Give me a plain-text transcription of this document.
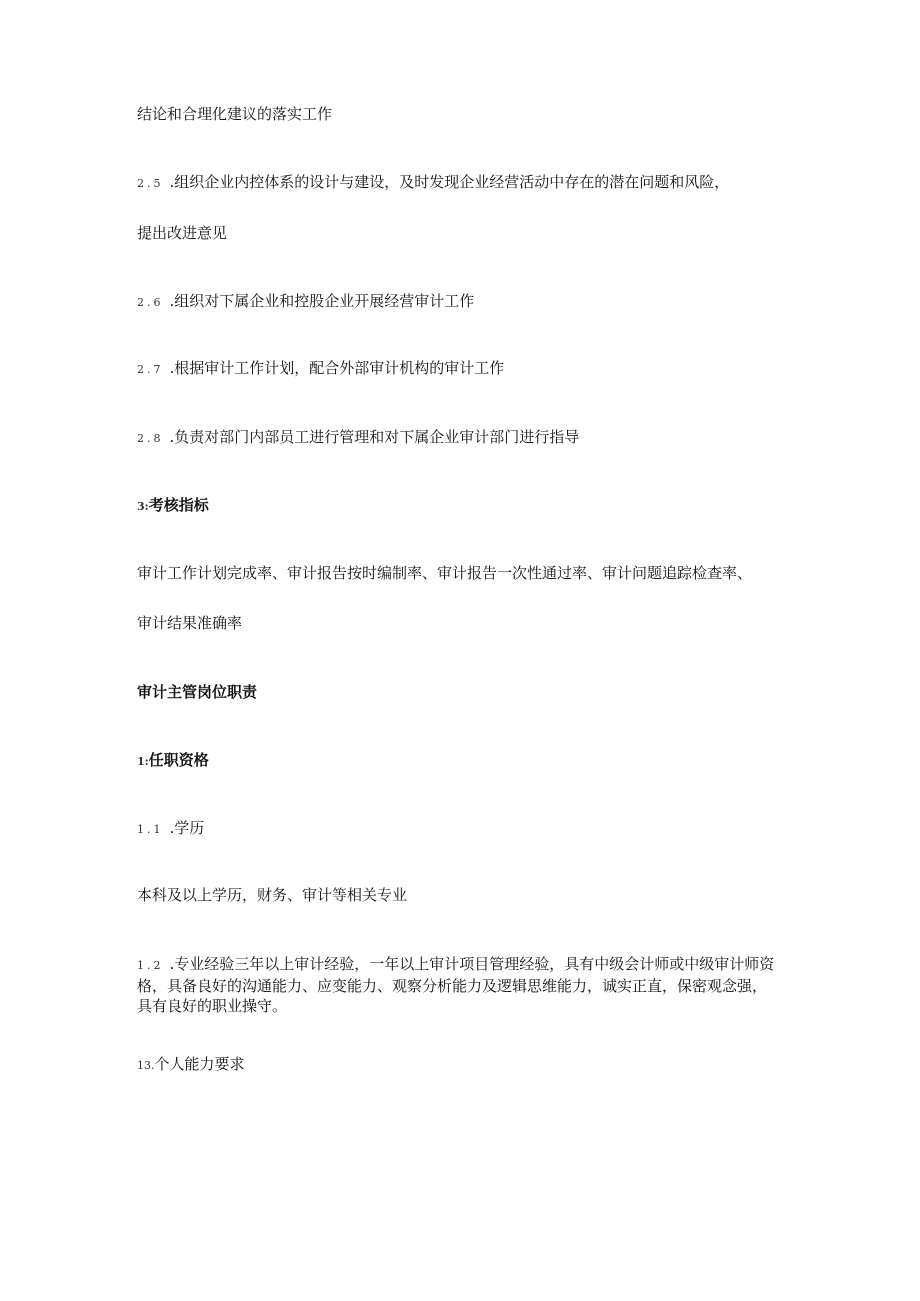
结论和合理化建议的落实工作
2.5 .组织企业内控体系的设计与建设，及时发现企业经营活动中存在的潜在问题和风险，
提出改进意见
2.6 .组织对下属企业和控股企业开展经营审计工作
2.7 .根据审计工作计划，配合外部审计机构的审计工作
2.8 .负责对部门内部员工进行管理和对下属企业审计部门进行指导
3:考核指标
审计工作计划完成率、审计报告按时编制率、审计报告一次性通过率、审计问题追踪检查率、
审计结果准确率
审计主管岗位职责
1:任职资格
1.1 .学历
本科及以上学历，财务、审计等相关专业
1.2 .专业经验三年以上审计经验，一年以上审计项目管理经验，具有中级会计师或中级审计师资格，具备良好的沟通能力、应变能力、观察分析能力及逻辑思维能力，诚实正直，保密观念强，具有良好的职业操守。
13.个人能力要求
